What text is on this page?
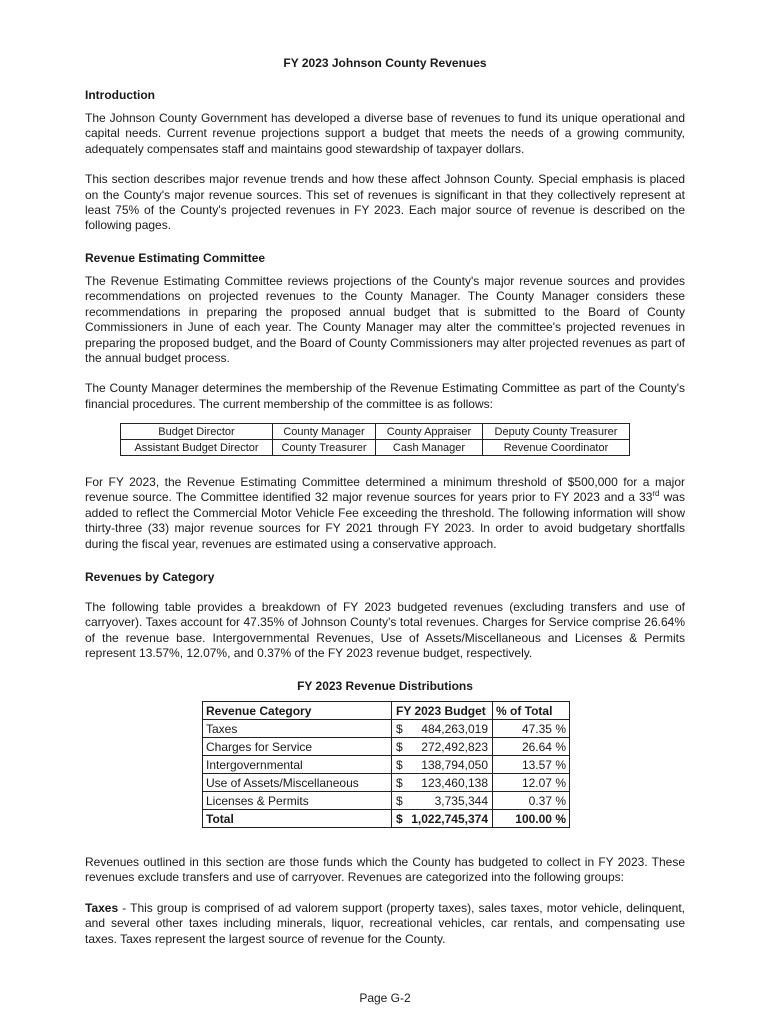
FY 2023 Johnson County Revenues
Introduction

The Johnson County Government has developed a diverse base of revenues to fund its unique operational and capital needs. Current revenue projections support a budget that meets the needs of a growing community, adequately compensates staff and maintains good stewardship of taxpayer dollars.

This section describes major revenue trends and how these affect Johnson County. Special emphasis is placed on the County's major revenue sources. This set of revenues is significant in that they collectively represent at least 75% of the County's projected revenues in FY 2023. Each major source of revenue is described on the following pages.

Revenue Estimating Committee

The Revenue Estimating Committee reviews projections of the County's major revenue sources and provides recommendations on projected revenues to the County Manager. The County Manager considers these recommendations in preparing the proposed annual budget that is submitted to the Board of County Commissioners in June of each year. The County Manager may alter the committee's projected revenues in preparing the proposed budget, and the Board of County Commissioners may alter projected revenues as part of the annual budget process.

The County Manager determines the membership of the Revenue Estimating Committee as part of the County's financial procedures. The current membership of the committee is as follows:

Budget Director	County Manager	County Appraiser	Deputy County Treasurer
Assistant Budget Director	County Treasurer	Cash Manager	Revenue Coordinator

For FY 2023, the Revenue Estimating Committee determined a minimum threshold of $500,000 for a major revenue source. The Committee identified 32 major revenue sources for years prior to FY 2023 and a 33rd was added to reflect the Commercial Motor Vehicle Fee exceeding the threshold. The following information will show thirty-three (33) major revenue sources for FY 2021 through FY 2023. In order to avoid budgetary shortfalls during the fiscal year, revenues are estimated using a conservative approach.

Revenues by Category

The following table provides a breakdown of FY 2023 budgeted revenues (excluding transfers and use of carryover). Taxes account for 47.35% of Johnson County's total revenues. Charges for Service comprise 26.64% of the revenue base. Intergovernmental Revenues, Use of Assets/Miscellaneous and Licenses & Permits represent 13.57%, 12.07%, and 0.37% of the FY 2023 revenue budget, respectively.

FY 2023 Revenue Distributions
Revenue Category	FY 2023 Budget	% of Total
Taxes	$ 484,263,019	47.35 %
Charges for Service	$ 272,492,823	26.64 %
Intergovernmental	$ 138,794,050	13.57 %
Use of Assets/Miscellaneous	$ 123,460,138	12.07 %
Licenses & Permits	$ 3,735,344	0.37 %
Total	$ 1,022,745,374	100.00 %

Revenues outlined in this section are those funds which the County has budgeted to collect in FY 2023. These revenues exclude transfers and use of carryover. Revenues are categorized into the following groups:

Taxes - This group is comprised of ad valorem support (property taxes), sales taxes, motor vehicle, delinquent, and several other taxes including minerals, liquor, recreational vehicles, car rentals, and compensating use taxes. Taxes represent the largest source of revenue for the County.

Page G-2
